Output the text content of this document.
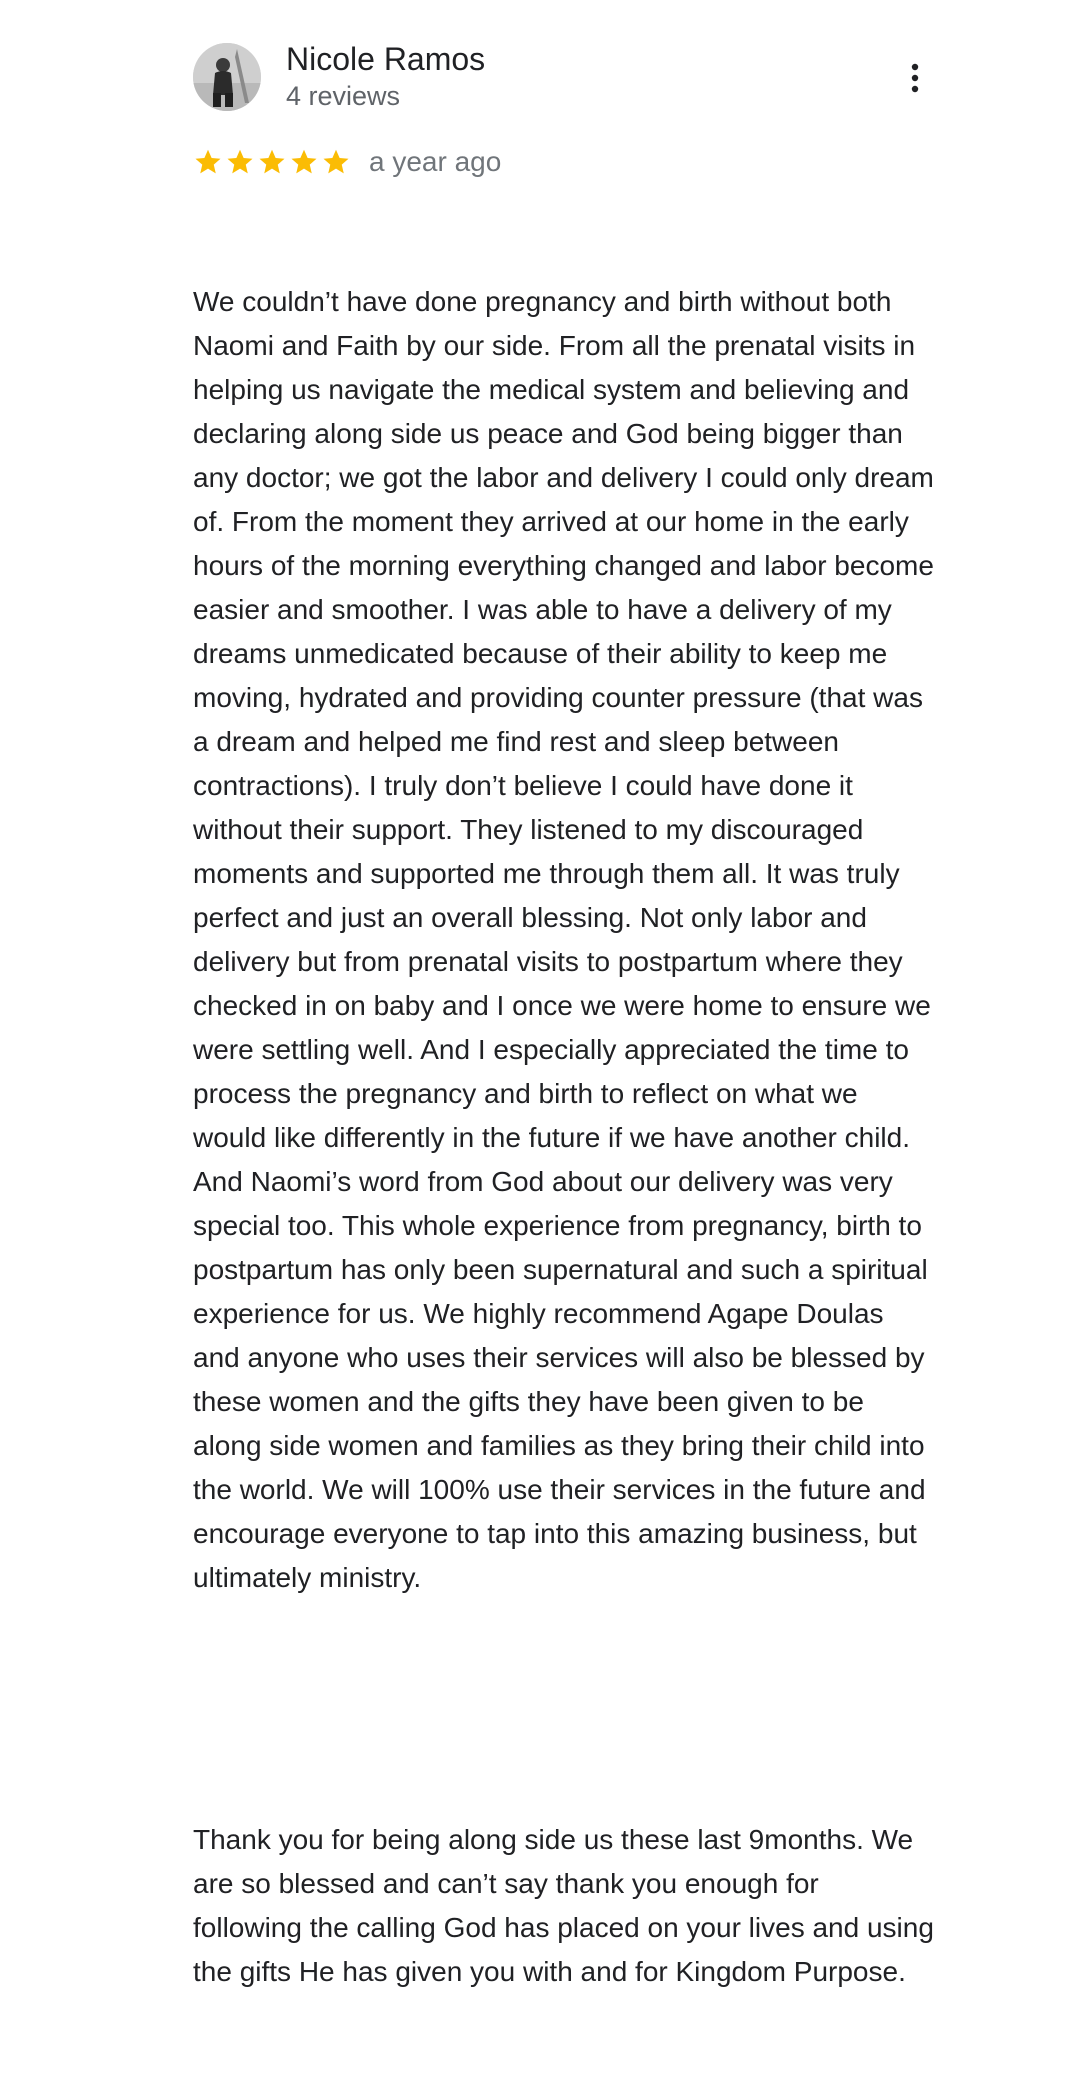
Nicole Ramos
4 reviews
a year ago

We couldn’t have done pregnancy and birth without both Naomi and Faith by our side. From all the prenatal visits in helping us navigate the medical system and believing and declaring along side us peace and God being bigger than any doctor; we got the labor and delivery I could only dream of. From the moment they arrived at our home in the early hours of the morning everything changed and labor become easier and smoother. I was able to have a delivery of my dreams unmedicated because of their ability to keep me moving, hydrated and providing counter pressure (that was a dream and helped me find rest and sleep between contractions). I truly don’t believe I could have done it without their support. They listened to my discouraged moments and supported me through them all. It was truly perfect and just an overall blessing. Not only labor and delivery but from prenatal visits to postpartum where they checked in on baby and I once we were home to ensure we were settling well. And I especially appreciated the time to process the pregnancy and birth to reflect on what we would like differently in the future if we have another child. And Naomi’s word from God about our delivery was very special too. This whole experience from pregnancy, birth to postpartum has only been supernatural and such a spiritual experience for us. We highly recommend Agape Doulas and anyone who uses their services will also be blessed by these women and the gifts they have been given to be along side women and families as they bring their child into the world. We will 100% use their services in the future and encourage everyone to tap into this amazing business, but ultimately ministry.

Thank you for being along side us these last 9months. We are so blessed and can’t say thank you enough for following the calling God has placed on your lives and using the gifts He has given you with and for Kingdom Purpose.
